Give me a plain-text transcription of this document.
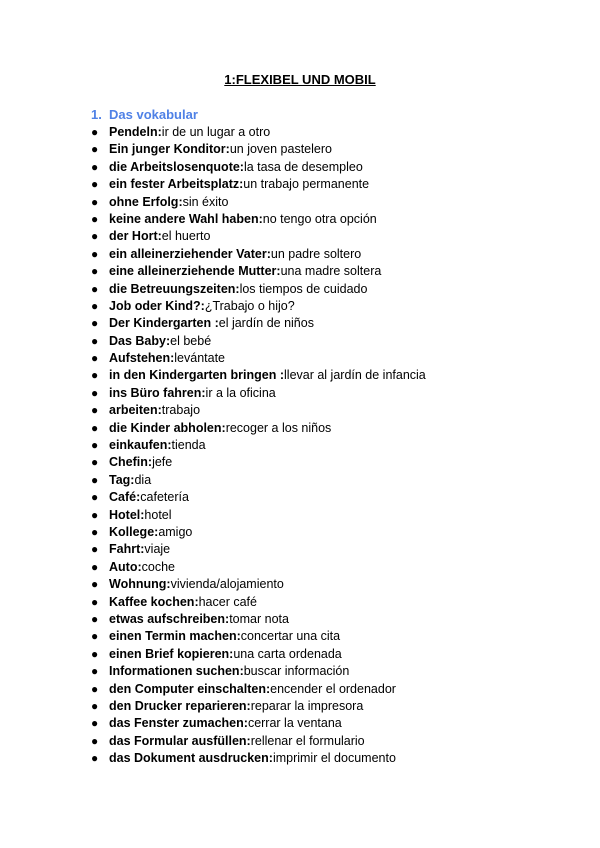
1:FLEXIBEL UND MOBIL
1. Das vokabular
● Pendeln:ir de un lugar a otro
● Ein junger Konditor:un joven pastelero
● die Arbeitslosenquote:la tasa de desempleo
● ein fester Arbeitsplatz:un trabajo permanente
● ohne Erfolg:sin éxito
● keine andere Wahl haben:no tengo otra opción
● der Hort:el huerto
● ein alleinerziehender Vater:un padre soltero
● eine alleinerziehende Mutter:una madre soltera
● die Betreuungszeiten:los tiempos de cuidado
● Job oder Kind?:¿Trabajo o hijo?
● Der Kindergarten :el jardín de niños
● Das Baby:el bebé
● Aufstehen:levántate
● in den Kindergarten bringen :llevar al jardín de infancia
● ins Büro fahren:ir a la oficina
● arbeiten:trabajo
● die Kinder abholen:recoger a los niños
● einkaufen:tienda
● Chefin:jefe
● Tag:dia
● Café:cafetería
● Hotel:hotel
● Kollege:amigo
● Fahrt:viaje
● Auto:coche
● Wohnung:vivienda/alojamiento
● Kaffee kochen:hacer café
● etwas aufschreiben:tomar nota
● einen Termin machen:concertar una cita
● einen Brief kopieren:una carta ordenada
● Informationen suchen:buscar información
● den Computer einschalten:encender el ordenador
● den Drucker reparieren:reparar la impresora
● das Fenster zumachen:cerrar la ventana
● das Formular ausfüllen:rellenar el formulario
● das Dokument ausdrucken:imprimir el documento
